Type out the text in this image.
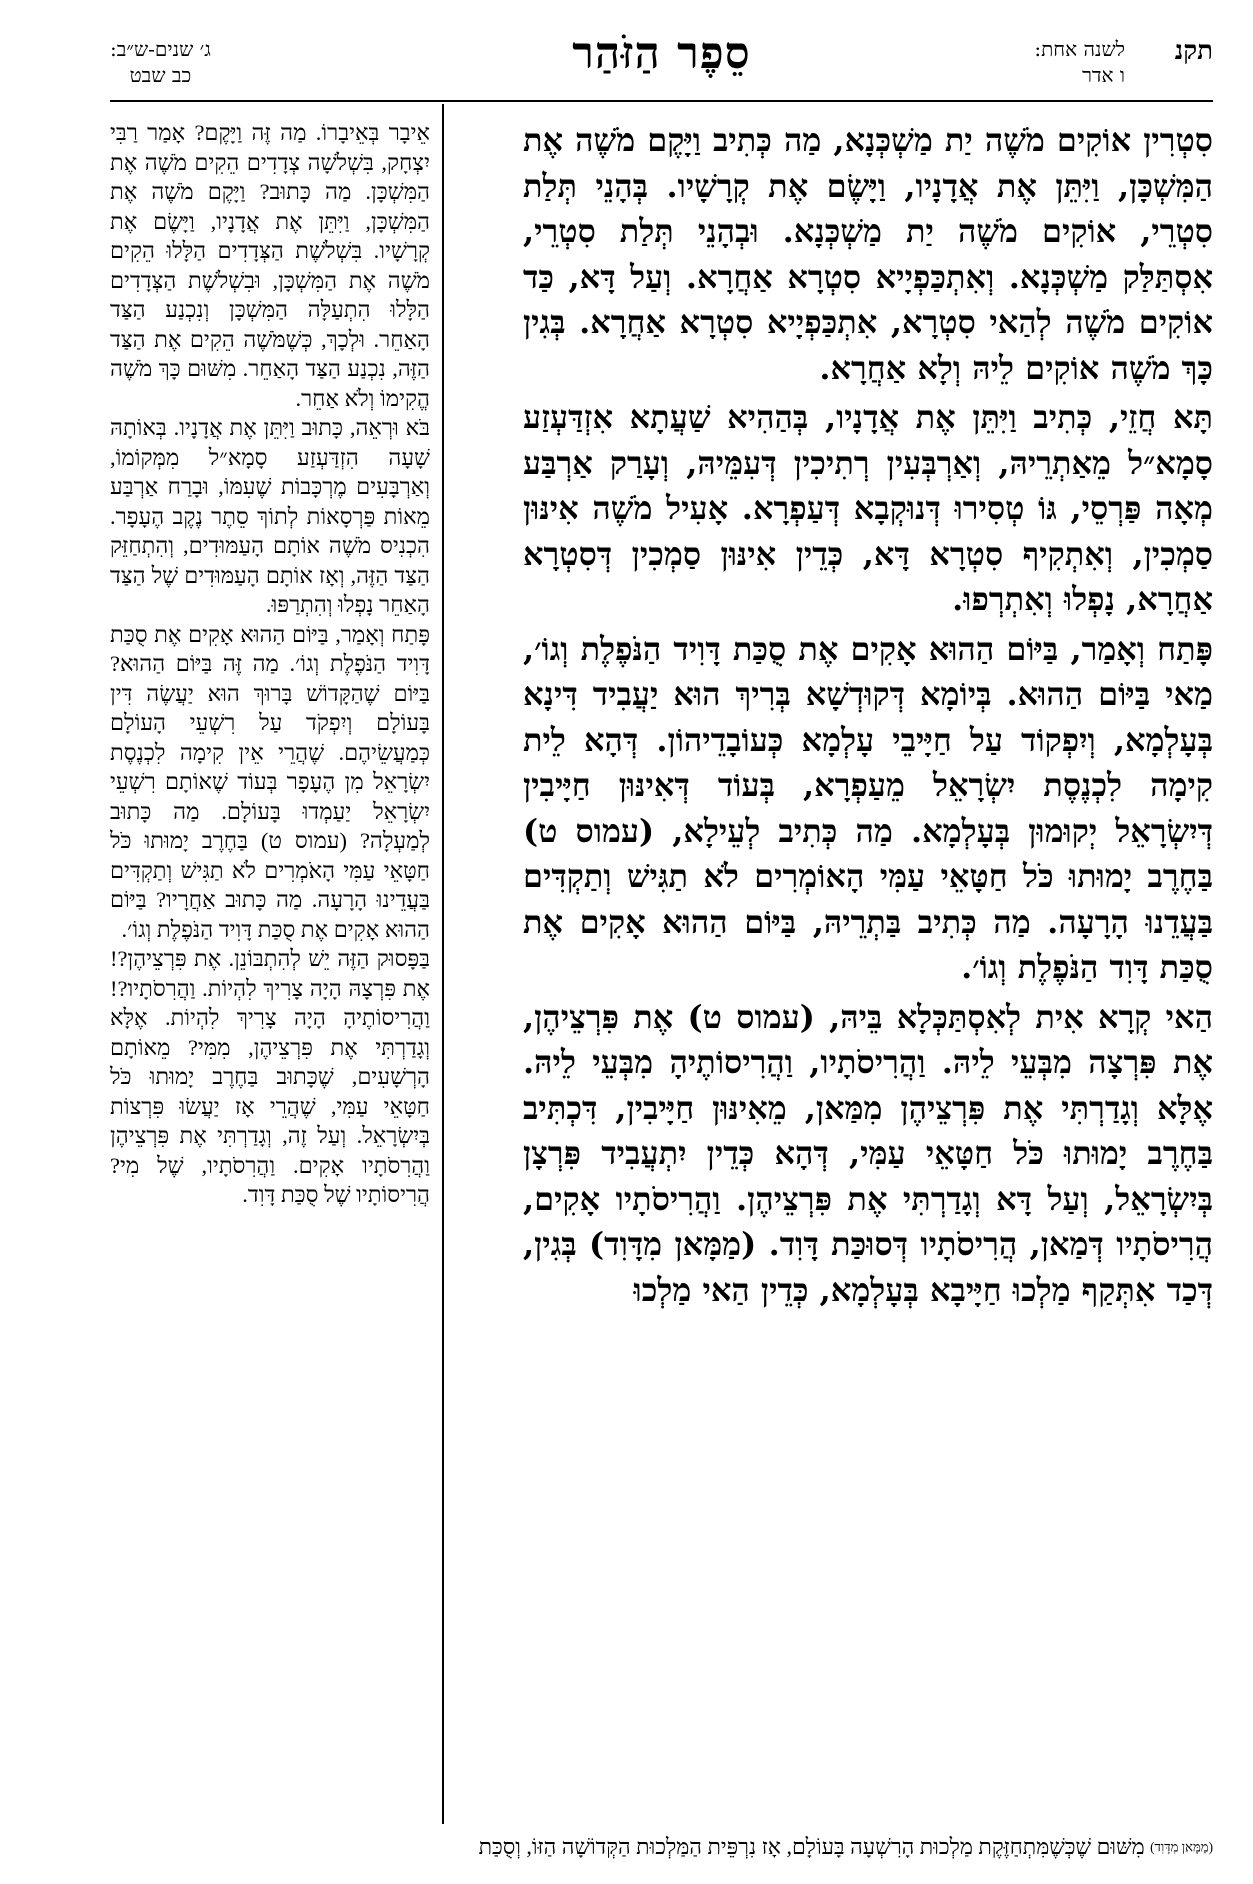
תקנ
לשנה אחת:
ו אדר
סֵפֶר הַזֹּהַר
ג׳ שנים-ש״ב:
כב שבט

סִטְרִין אוֹקִים מֹשֶׁה יַת מַשְׁכְּנָא, מַה כְּתִיב וַיָּקֶם מֹשֶׁה אֶת הַמִּשְׁכָּן, וַיִּתֵּן אֶת אֲדָנָיו, וַיָּשֶׂם אֶת קְרָשָׁיו. בְּהָנֵי תְּלַת סִטְרֵי, אוֹקִים מֹשֶׁה יַת מַשְׁכְּנָא. וּבְהָנֵי תְּלַת סִטְרֵי, אִסְתַּלַּק מַשְׁכְּנָא. וְאִתְכַּפְיָיא סִטְרָא אַחֲרָא. וְעַל דָּא, כַּד אוֹקִים מֹשֶׁה לְהַאי סִטְרָא, אִתְכַּפְיָיא סִטְרָא אַחֲרָא. בְּגִין כָּךְ מֹשֶׁה אוֹקִים לֵיהּ וְלָא אַחֲרָא.

תָּא חֲזֵי, כְּתִיב וַיִּתֵּן אֶת אֲדָנָיו, בְּהַהִיא שַׁעֲתָא אִזְדַּעְזַע סָמָא״ל מֵאַתְרֵיהּ, וְאַרְבְּעִין רְתִיכִין דְּעִמֵּיהּ, וְעָרַק אַרְבַּע מְאָה פַּרְסֵי, גּוֹ טְסִירוּ דְּנוּקְבָא דְּעַפְרָא. אָעִיל מֹשֶׁה אִינּוּן סַמְכִין, וְאִתְקִיף סִטְרָא דָּא, כְּדֵין אִינּוּן סַמְכִין דְּסִטְרָא אַחֲרָא, נָפְלוּ וְאִתְרְפוּ.

פָּתַח וְאָמַר, בַּיּוֹם הַהוּא אָקִים אֶת סֻכַּת דָּוִיד הַנֹּפֶלֶת וְגוֹ׳, מַאי בַּיּוֹם הַהוּא. בְּיוֹמָא דְּקוּדְשָׁא בְּרִיךְ הוּא יַעֲבִיד דִּינָא בְּעָלְמָא, וְיִפְקוֹד עַל חַיָּיבֵי עָלְמָא כְּעוֹבָדֵיהוֹן. דְּהָא לֵית קִימָה לִכְנֶסֶת יִשְׂרָאֵל מֵעַפְרָא, בְּעוֹד דְּאִינּוּן חַיָּיבִין דְּיִשְׂרָאֵל יְקוּמוּן בְּעָלְמָא. מַה כְּתִיב לְעֵילָא, (עמוס ט) בַּחֶרֶב יָמוּתוּ כֹּל חַטָּאֵי עַמִּי הָאוֹמְרִים לֹא תַגִּישׁ וְתַקְדִּים בַּעֲדֵנוּ הָרָעָה. מַה כְּתִיב בַּתְרֵיהּ, בַּיּוֹם הַהוּא אָקִים אֶת סֻכַּת דָּוִד הַנֹּפֶלֶת וְגוֹ׳.

הַאי קְרָא אִית לְאִסְתַּכְּלָא בֵּיהּ, (עמוס ט) אֶת פִּרְצֵיהֶן, אֶת פִּרְצָה מִבְּעֵי לֵיהּ. וַהֲרִיסֹתָיו, וַהֲרִיסוֹתֶיהָ מִבְּעֵי לֵיהּ. אֶלָּא וְגָדַרְתִּי אֶת פִּרְצֵיהֶן מִמַּאן, מֵאִינּוּן חַיָּיבִין, דִּכְתִּיב בַּחֶרֶב יָמוּתוּ כֹּל חַטָּאֵי עַמִּי, דְּהָא כְּדֵין יִתְעֲבִיד פִּרְצָן בְּיִשְׂרָאֵל, וְעַל דָּא וְגָדַרְתִּי אֶת פִּרְצֵיהֶן. וַהֲרִיסֹתָיו אָקִים, הֲרִיסֹתָיו דְּמַאן, הֲרִיסֹתָיו דְּסוּכַּת דָּוִד. (מַמָּאן מִדָּוִד) בְּגִין, דְּכַד אִתְּקַף מַלְכוּ חַיָּיבָא בְּעָלְמָא, כְּדֵין הַאי מַלְכוּ

אֵיבָר בְּאֵיבָרוֹ. מַה זֶּה וַיָּקֶם? אָמַר רַבִּי יִצְחָק, בִּשְׁלֹשָׁה צְדָדִים הֵקִים מֹשֶׁה אֶת הַמִּשְׁכָּן. מַה כָּתוּב? וַיָּקֶם מֹשֶׁה אֶת הַמִּשְׁכָּן, וַיִּתֵּן אֶת אֲדָנָיו, וַיָּשֶׂם אֶת קְרָשָׁיו. בִּשְׁלֹשֶׁת הַצְּדָדִים הַלָּלוּ הֵקִים מֹשֶׁה אֶת הַמִּשְׁכָּן, וּבִשְׁלֹשֶׁת הַצְּדָדִים הַלָּלוּ הִתְעַלָּה הַמִּשְׁכָּן וְנִכְנַע הַצַּד הָאַחֵר. וּלְכָךְ, כְּשֶׁמֹּשֶׁה הֵקִים אֶת הַצַּד הַזֶּה, נִכְנַע הַצַּד הָאַחֵר. מִשּׁוּם כָּךְ מֹשֶׁה הֱקִימוֹ וְלֹא אַחֵר.

בֹּא וּרְאֵה, כָּתוּב וַיִּתֵּן אֶת אֲדָנָיו. בְּאוֹתָהּ שָׁעָה הִזְדַּעְזַע סָמָא״ל מִמְּקוֹמוֹ, וְאַרְבָּעִים מֶרְכָּבוֹת שֶׁעִמּוֹ, וּבָרַח אַרְבַּע מֵאוֹת פַּרְסָאוֹת לְתוֹךְ סֵתֶר נֶקֶב הֶעָפָר. הִכְנִיס מֹשֶׁה אוֹתָם הָעַמּוּדִים, וְהִתְחַזֵּק הַצַּד הַזֶּה, וְאָז אוֹתָם הָעַמּוּדִים שֶׁל הַצַּד הָאַחֵר נָפְלוּ וְהִתְרַפּוּ.

פָּתַח וְאָמַר, בַּיּוֹם הַהוּא אָקִים אֶת סֻכַּת דָּוִיד הַנֹּפֶלֶת וְגוֹ׳. מַה זֶּה בַּיּוֹם הַהוּא? בַּיּוֹם שֶׁהַקָּדוֹשׁ בָּרוּךְ הוּא יַעֲשֶׂה דִּין בָּעוֹלָם וְיִפְקֹד עַל רִשְׁעֵי הָעוֹלָם כְּמַעֲשֵׂיהֶם. שֶׁהֲרֵי אֵין קִימָה לִכְנֶסֶת יִשְׂרָאֵל מִן הֶעָפָר בְּעוֹד שֶׁאוֹתָם רִשְׁעֵי יִשְׂרָאֵל יַעַמְדוּ בָּעוֹלָם. מַה כָּתוּב לְמַעְלָה? (עמוס ט) בַּחֶרֶב יָמוּתוּ כֹּל חַטָּאֵי עַמִּי הָאֹמְרִים לֹא תַגִּישׁ וְתַקְדִּים בַּעֲדֵינוּ הָרָעָה. מַה כָּתוּב אַחֲרָיו? בַּיּוֹם הַהוּא אָקִים אֶת סֻכַּת דָּוִיד הַנֹּפֶלֶת וְגוֹ׳.

בַּפָּסוּק הַזֶּה יֵשׁ לְהִתְבּוֹנֵן. אֶת פִּרְצֵיהֶן?! אֶת פִּרְצָהּ הָיָה צָרִיךְ לִהְיוֹת. וַהֲרִסֹתָיו?! וַהֲרִיסוֹתֶיהָ הָיָה צָרִיךְ לִהְיוֹת. אֶלָּא וְגָדַרְתִּי אֶת פִּרְצֵיהֶן, מִמִּי? מֵאוֹתָם הָרְשָׁעִים, שֶׁכָּתוּב בַּחֶרֶב יָמוּתוּ כֹּל חַטָּאֵי עַמִּי, שֶׁהֲרֵי אָז יַעֲשׂוּ פִּרְצוֹת בְּיִשְׂרָאֵל. וְעַל זֶה, וְגָדַרְתִּי אֶת פִּרְצֵיהֶן וַהֲרִסֹתָיו אָקִים. וַהֲרִסֹתָיו, שֶׁל מִי? הֲרִיסוֹתָיו שֶׁל סֻכַּת דָּוִד.

(מַמָּאן מִדָּוִד) מִשּׁוּם שֶׁכְּשֶׁמִּתְחַזֶּקֶת מַלְכוּת הָרִשְׁעָה בָּעוֹלָם, אָז נִרְפֵּית הַמַּלְכוּת הַקְּדוֹשָׁה הַזּוֹ, וְסֻכַּת
